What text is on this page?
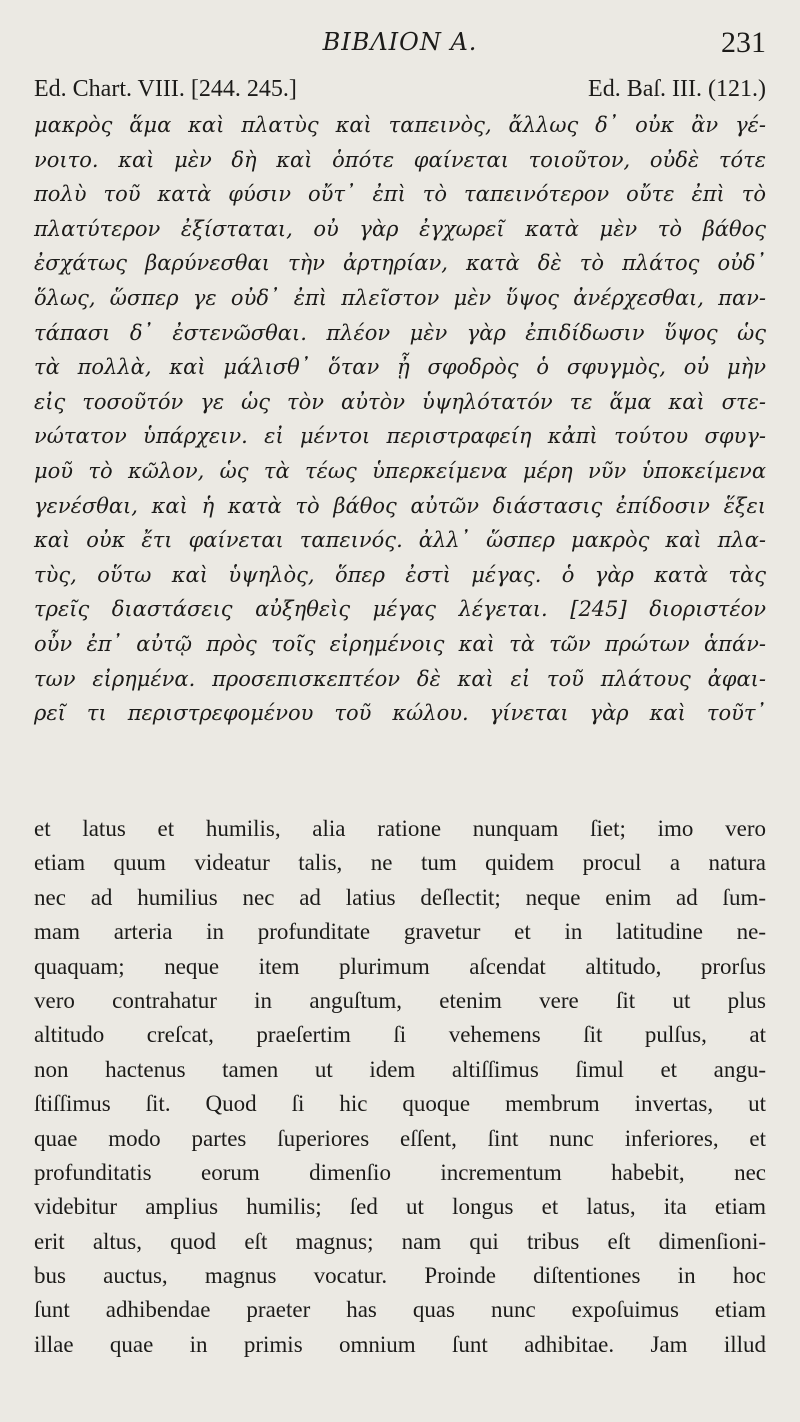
BIBΛΙΟΝ Α.	231
Ed. Chart. VIII. [244. 245.]	Ed. Baſ. III. (121.)
μακρὸς ἅμα καὶ πλατὺς καὶ ταπεινὸς, ἄλλως δ᾽ οὐκ ἂν γέ-
νοιτο. καὶ μὲν δὴ καὶ ὁπότε φαίνεται τοιοῦτον, οὐδὲ τότε
πολὺ τοῦ κατὰ φύσιν οὔτ᾽ ἐπὶ τὸ ταπεινότερον οὔτε ἐπὶ τὸ
πλατύτερον ἐξίσταται, οὐ γὰρ ἐγχωρεῖ κατὰ μὲν τὸ βάθος
ἐσχάτως βαρύνεσθαι τὴν ἀρτηρίαν, κατὰ δὲ τὸ πλάτος οὐδ᾽
ὅλως, ὥσπερ γε οὐδ᾽ ἐπὶ πλεῖστον μὲν ὕψος ἀνέρχεσθαι, παν-
τάπασι δ᾽ ἐστενῶσθαι. πλέον μὲν γὰρ ἐπιδίδωσιν ὕψος ὡς
τὰ πολλὰ, καὶ μάλισθ᾽ ὅταν ᾖ σφοδρὸς ὁ σφυγμὸς, οὐ μὴν
εἰς τοσοῦτόν γε ὡς τὸν αὐτὸν ὑψηλότατόν τε ἅμα καὶ στε-
νώτατον ὑπάρχειν. εἰ μέντοι περιστραφείη κἀπὶ τούτου σφυγ-
μοῦ τὸ κῶλον, ὡς τὰ τέως ὑπερκείμενα μέρη νῦν ὑποκείμενα
γενέσθαι, καὶ ἡ κατὰ τὸ βάθος αὐτῶν διάστασις ἐπίδοσιν ἕξει
καὶ οὐκ ἔτι φαίνεται ταπεινός. ἀλλ᾽ ὥσπερ μακρὸς καὶ πλα-
τὺς, οὕτω καὶ ὑψηλὸς, ὅπερ ἐστὶ μέγας. ὁ γὰρ κατὰ τὰς
τρεῖς διαστάσεις αὐξηθεὶς μέγας λέγεται. [245] διοριστέον
οὖν ἐπ᾽ αὐτῷ πρὸς τοῖς εἰρημένοις καὶ τὰ τῶν πρώτων ἁπάν-
των εἰρημένα. προσεπισκεπτέον δὲ καὶ εἰ τοῦ πλάτους ἀφαι-
ρεῖ τι περιστρεφομένου τοῦ κώλου. γίνεται γὰρ καὶ τοῦτ᾽
et latus et humilis, alia ratione nunquam ſiet; imo vero
etiam quum videatur talis, ne tum quidem procul a natura
nec ad humilius nec ad latius deſlectit; neque enim ad ſum-
mam arteria in profunditate gravetur et in latitudine ne-
quaquam; neque item plurimum aſcendat altitudo, prorſus
vero contrahatur in anguſtum, etenim vere ſit ut plus
altitudo creſcat, praeſertim ſi vehemens ſit pulſus, at
non hactenus tamen ut idem altiſſimus ſimul et angu-
ſtiſſimus ſit. Quod ſi hic quoque membrum invertas, ut
quae modo partes ſuperiores eſſent, ſint nunc inferiores, et
profunditatis eorum dimenſio incrementum habebit, nec
videbitur amplius humilis; ſed ut longus et latus, ita etiam
erit altus, quod eſt magnus; nam qui tribus eſt dimenſioni-
bus auctus, magnus vocatur. Proinde diſtentiones in hoc
ſunt adhibendae praeter has quas nunc expoſuimus etiam
illae quae in primis omnium ſunt adhibitae. Jam illud
